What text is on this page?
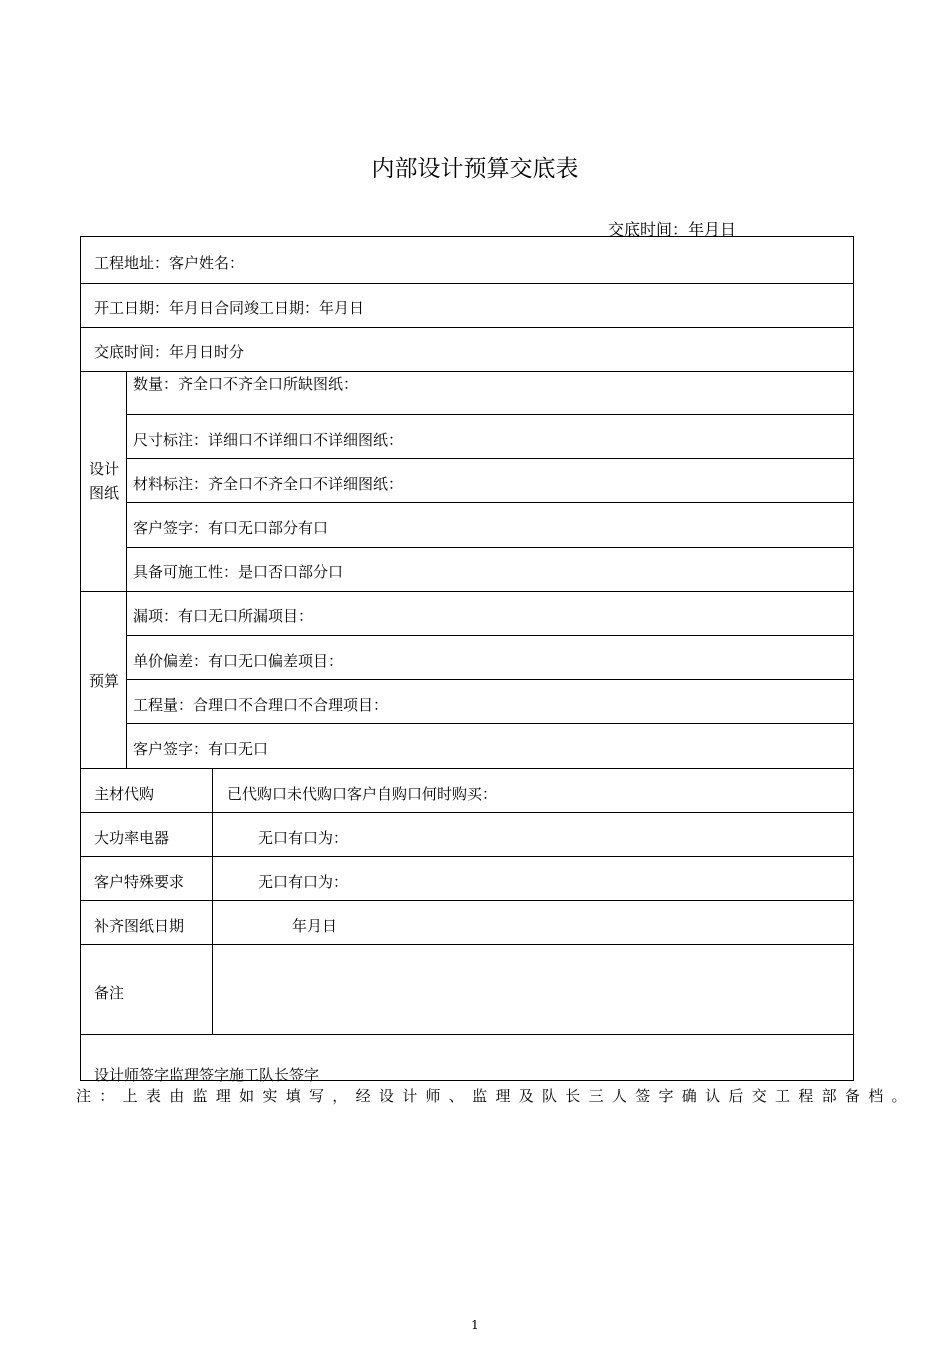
内部设计预算交底表
交底时间：年月日
工程地址：客户姓名：
开工日期：年月日合同竣工日期：年月日
交底时间：年月日时分
设计
图纸
数量：齐全口不齐全口所缺图纸：
尺寸标注：详细口不详细口不详细图纸：
材料标注：齐全口不齐全口不详细图纸：
客户签字：有口无口部分有口
具备可施工性：是口否口部分口
预算
漏项：有口无口所漏项目：
单价偏差：有口无口偏差项目：
工程量：合理口不合理口不合理项目：
客户签字：有口无口
主材代购	已代购口未代购口客户自购口何时购买：
大功率电器	无口有口为：
客户特殊要求	无口有口为：
补齐图纸日期	年月日
备注
设计师签字监理签字施工队长签字
注：上表由监理如实填写，经设计师、监理及队长三人签字确认后交工程部备档。
1
